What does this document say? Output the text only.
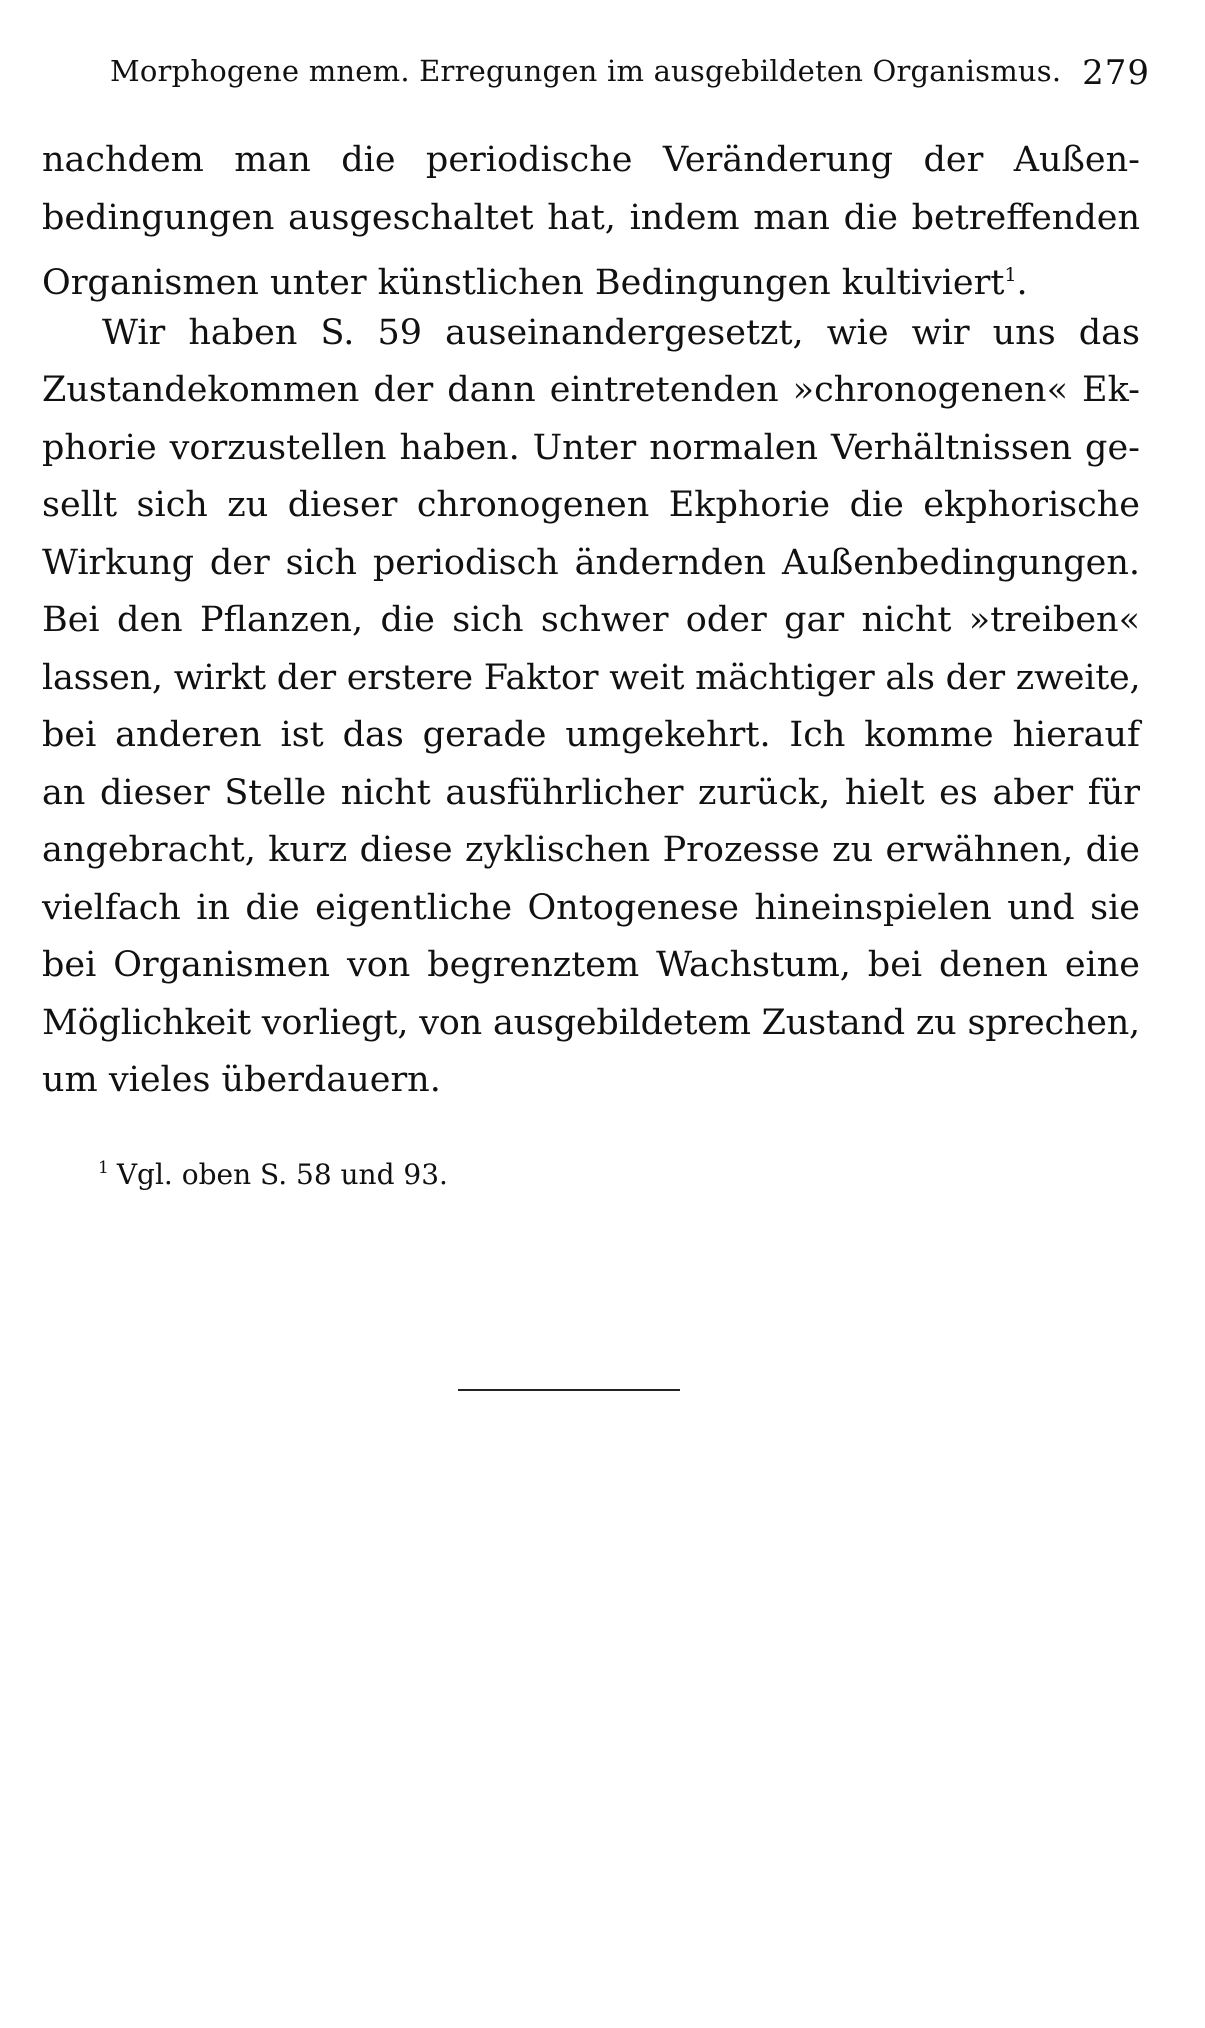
Morphogene mnem. Erregungen im ausgebildeten Organismus. 279
nachdem man die periodische Veränderung der Außen-
bedingungen ausgeschaltet hat, indem man die betreffenden
Organismen unter künstlichen Bedingungen kultiviert$^1$.
Wir haben S. 59 auseinandergesetzt, wie wir uns das
Zustandekommen der dann eintretenden »chronogenen« Ek-
phorie vorzustellen haben. Unter normalen Verhältnissen ge-
sellt sich zu dieser chronogenen Ekphorie die ekphorische
Wirkung der sich periodisch ändernden Außenbedingungen.
Bei den Pflanzen, die sich schwer oder gar nicht »treiben«
lassen, wirkt der erstere Faktor weit mächtiger als der zweite,
bei anderen ist das gerade umgekehrt. Ich komme hierauf
an dieser Stelle nicht ausführlicher zurück, hielt es aber für
angebracht, kurz diese zyklischen Prozesse zu erwähnen, die
vielfach in die eigentliche Ontogenese hineinspielen und sie
bei Organismen von begrenztem Wachstum, bei denen eine
Möglichkeit vorliegt, von ausgebildetem Zustand zu sprechen,
um vieles überdauern.
$^1$ Vgl. oben S. 58 und 93.
